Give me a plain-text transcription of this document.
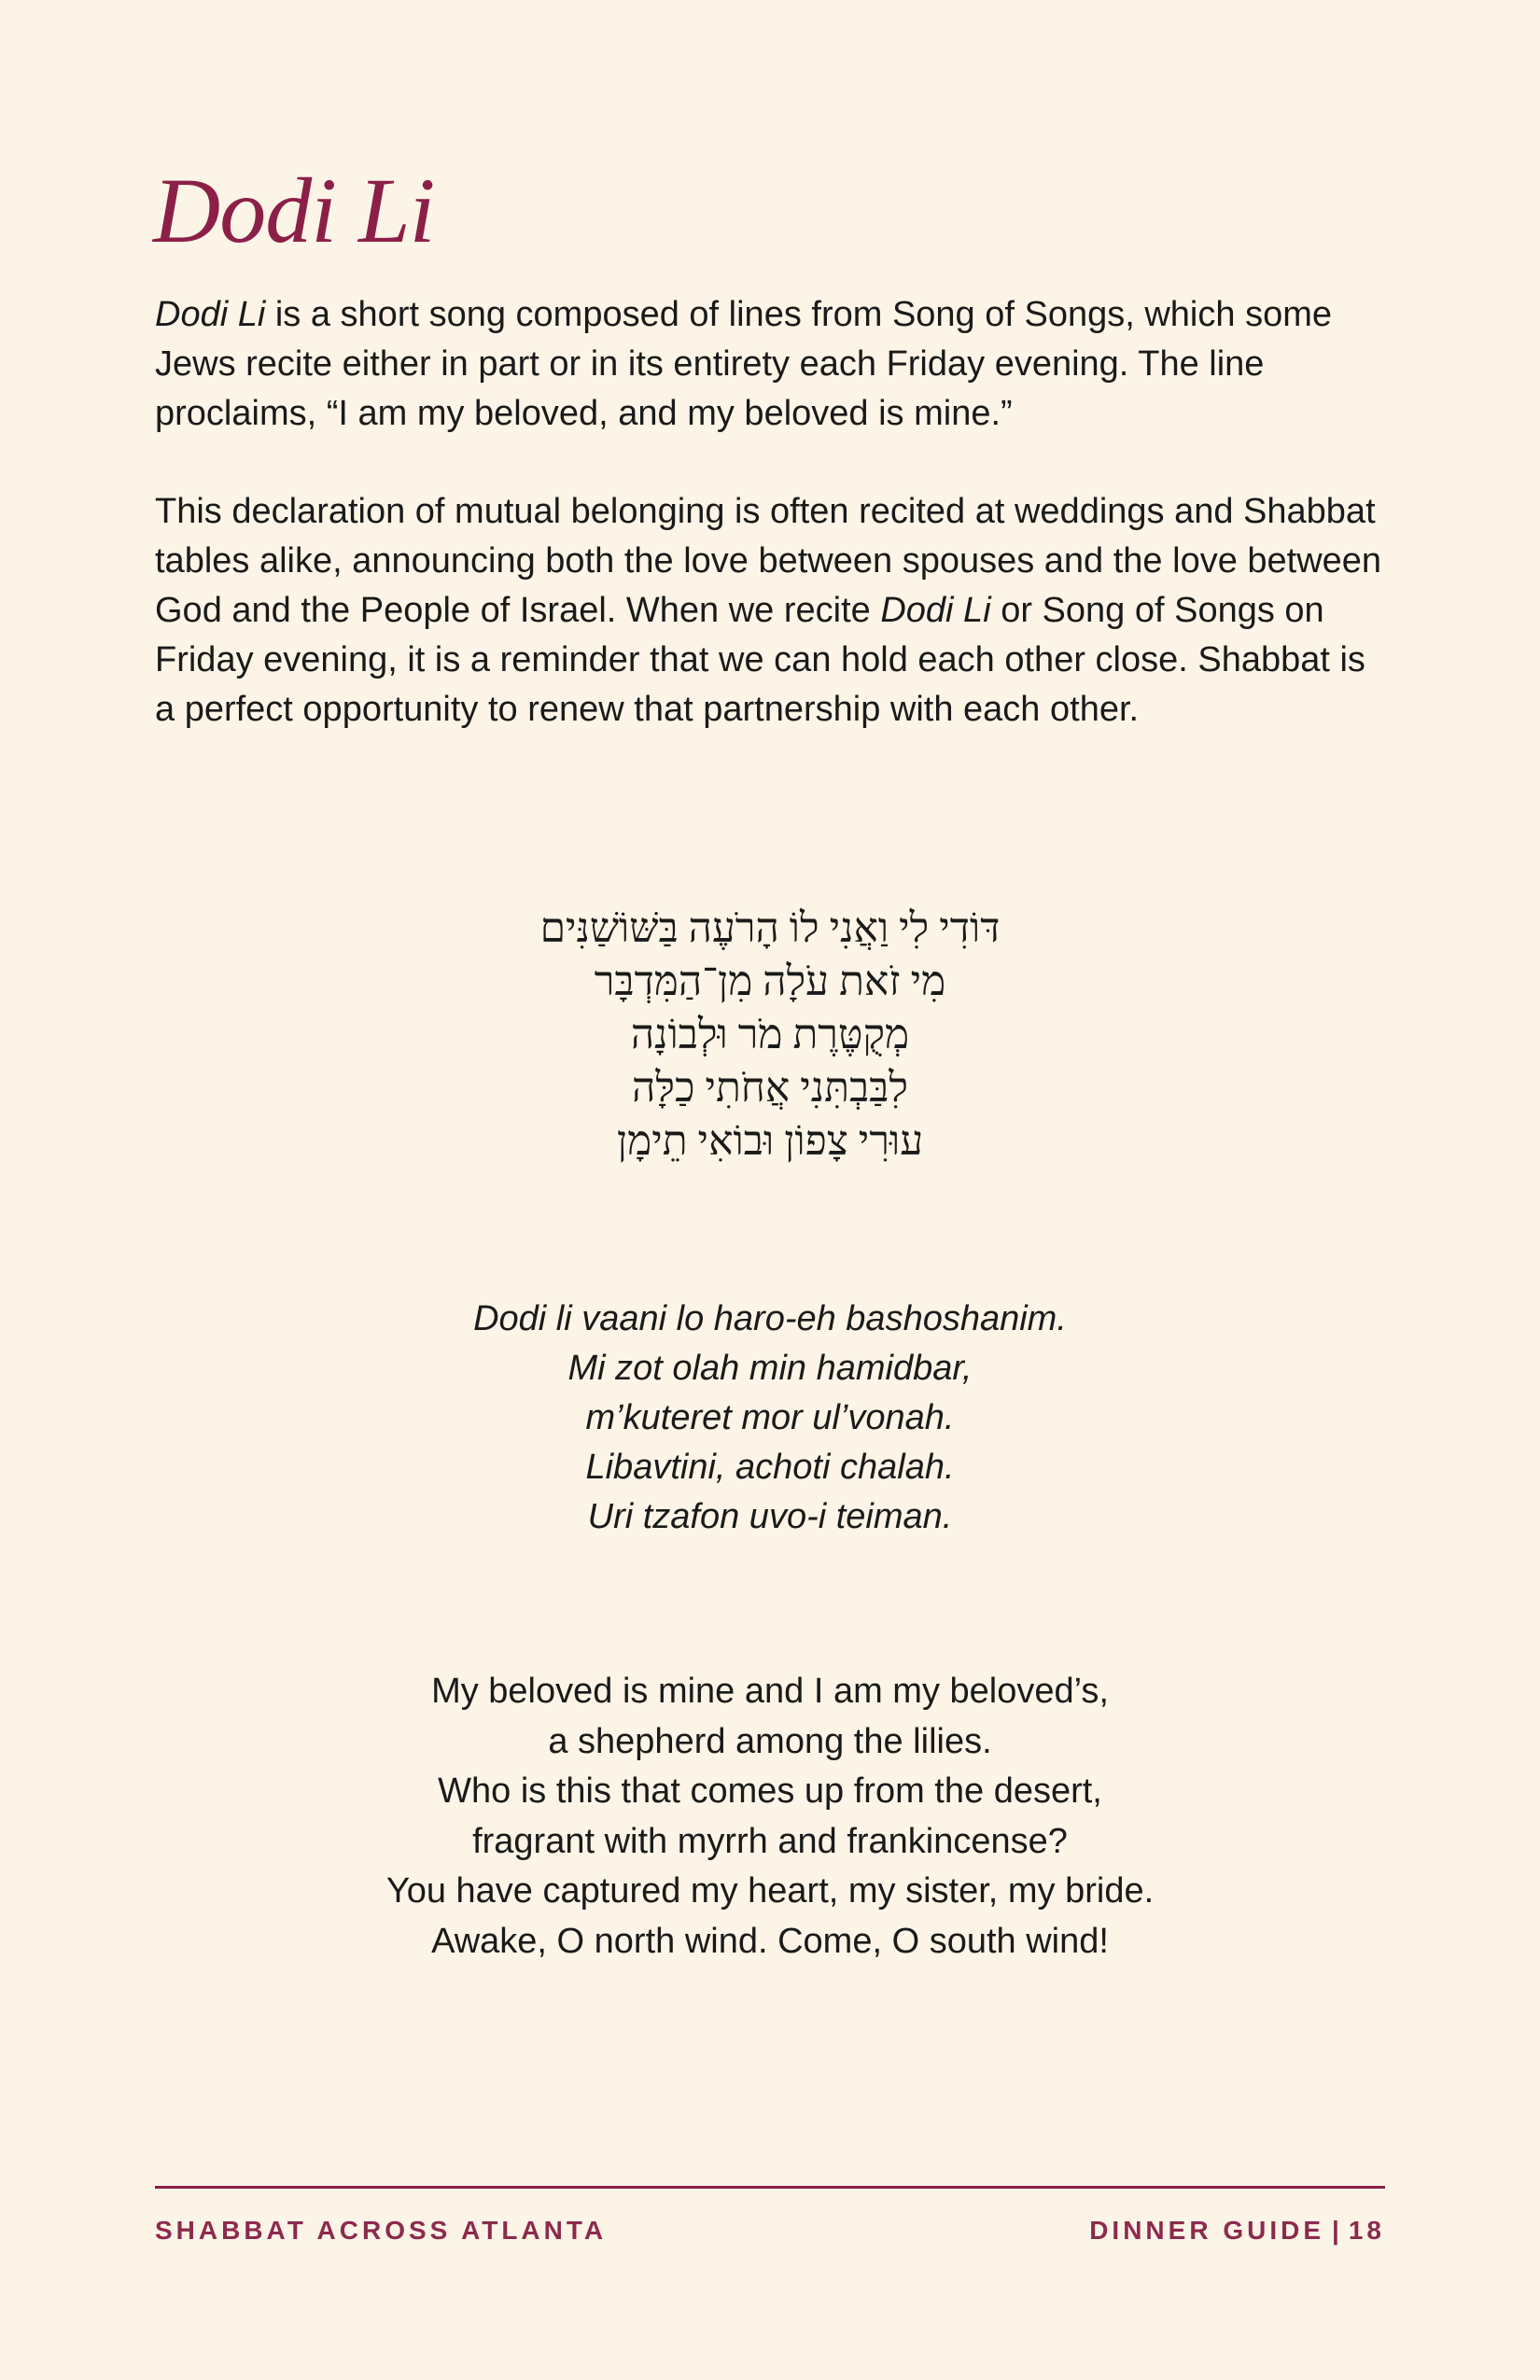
Dodi Li

Dodi Li is a short song composed of lines from Song of Songs, which some Jews recite either in part or in its entirety each Friday evening. The line proclaims, “I am my beloved, and my beloved is mine.”

This declaration of mutual belonging is often recited at weddings and Shabbat tables alike, announcing both the love between spouses and the love between God and the People of Israel. When we recite Dodi Li or Song of Songs on Friday evening, it is a reminder that we can hold each other close. Shabbat is a perfect opportunity to renew that partnership with each other.

דּוֹדִי לִי וַאֲנִי לוֹ הָרֹעֶה בַּשּׁוֹשַׁנִּים
מִי זֹאת עֹלָה מִן־הַמִּדְבָּר
מְקֻטֶּרֶת מֹר וּלְבוֹנָה
לִבַּבְתִּנִי אֲחֹתִי כַלָּה
עוּרִי צָפוֹן וּבוֹאִי תֵימָן
Dodi li vaani lo haro-eh bashoshanim.
Mi zot olah min hamidbar,
m’kuteret mor ul’vonah.
Libavtini, achoti chalah.
Uri tzafon uvo-i teiman.
My beloved is mine and I am my beloved’s,
a shepherd among the lilies.
Who is this that comes up from the desert,
fragrant with myrrh and frankincense?
You have captured my heart, my sister, my bride.
Awake, O north wind. Come, O south wind!
SHABBAT ACROSS ATLANTA	DINNER GUIDE | 18
